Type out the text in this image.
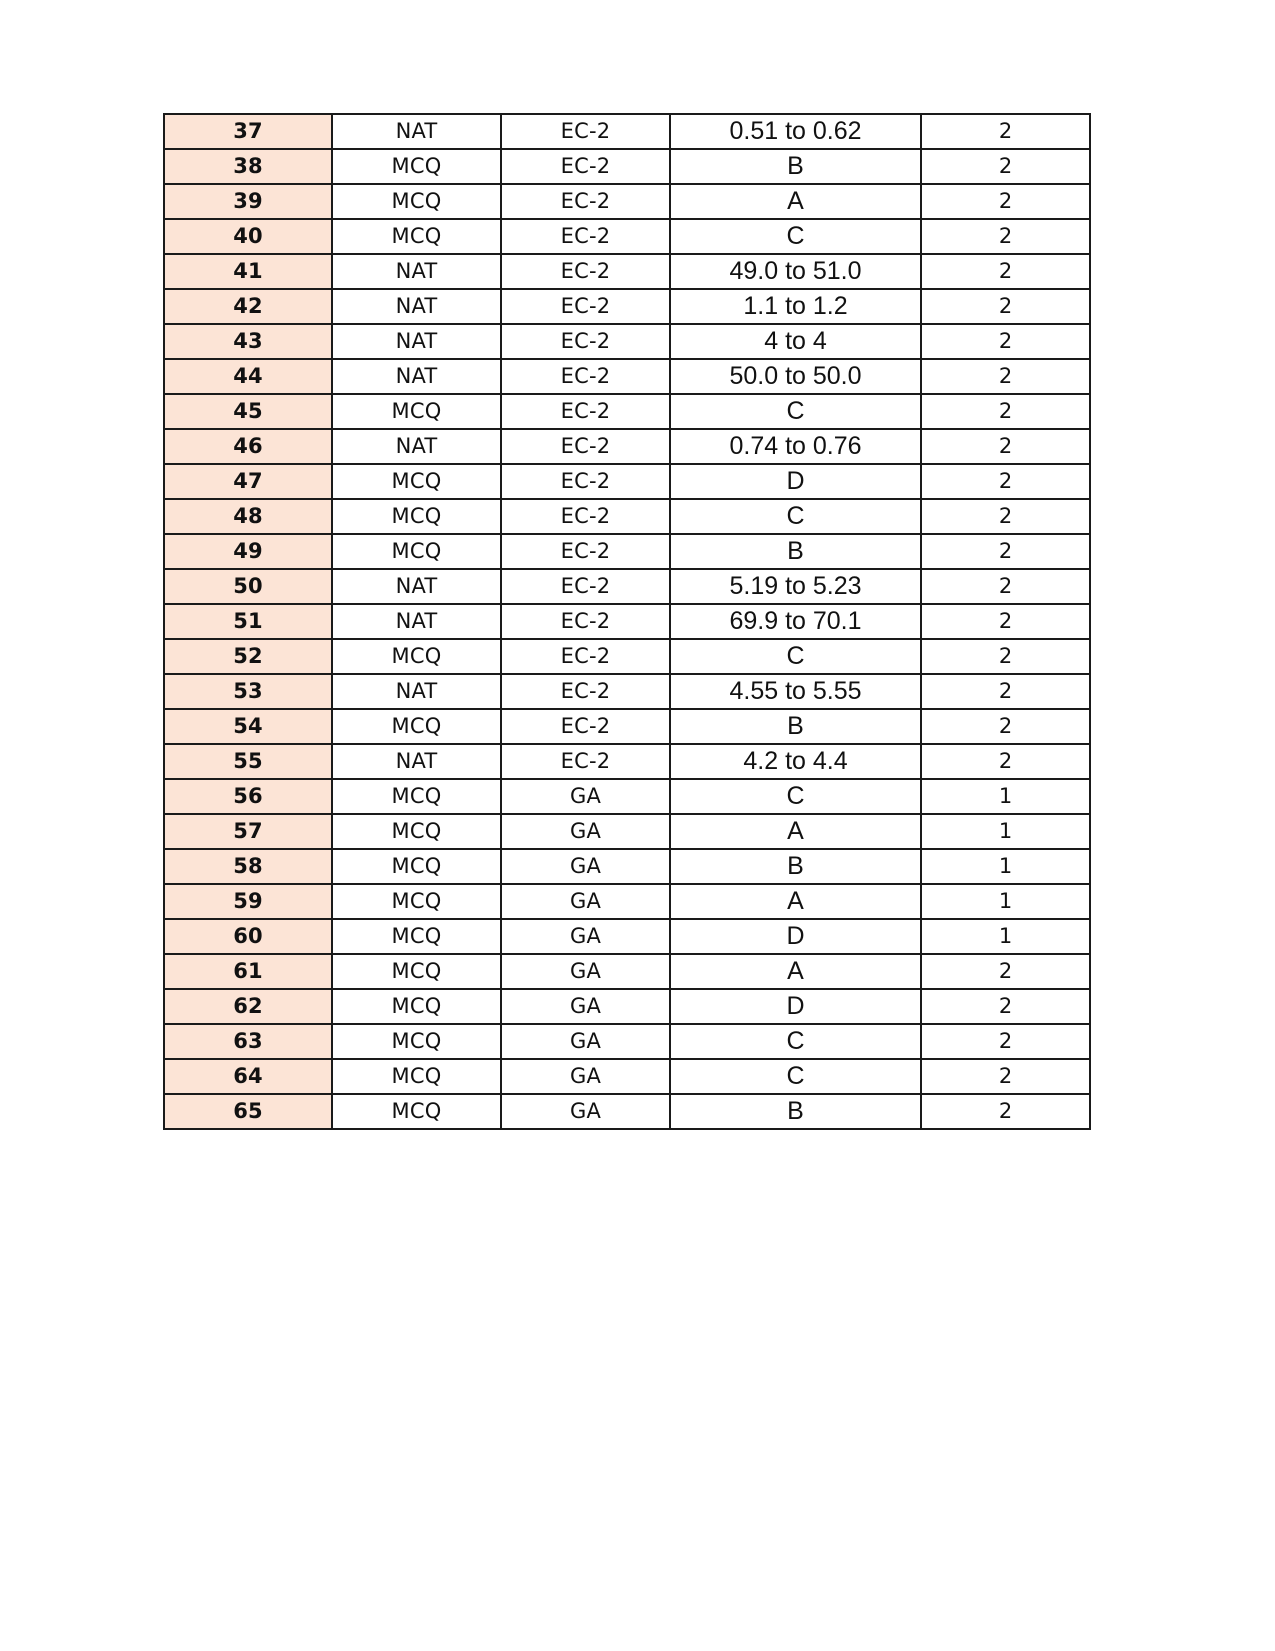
37	NAT	EC-2	0.51 to 0.62	2
38	MCQ	EC-2	B	2
39	MCQ	EC-2	A	2
40	MCQ	EC-2	C	2
41	NAT	EC-2	49.0 to 51.0	2
42	NAT	EC-2	1.1 to 1.2	2
43	NAT	EC-2	4 to 4	2
44	NAT	EC-2	50.0 to 50.0	2
45	MCQ	EC-2	C	2
46	NAT	EC-2	0.74 to 0.76	2
47	MCQ	EC-2	D	2
48	MCQ	EC-2	C	2
49	MCQ	EC-2	B	2
50	NAT	EC-2	5.19 to 5.23	2
51	NAT	EC-2	69.9 to 70.1	2
52	MCQ	EC-2	C	2
53	NAT	EC-2	4.55 to 5.55	2
54	MCQ	EC-2	B	2
55	NAT	EC-2	4.2 to 4.4	2
56	MCQ	GA	C	1
57	MCQ	GA	A	1
58	MCQ	GA	B	1
59	MCQ	GA	A	1
60	MCQ	GA	D	1
61	MCQ	GA	A	2
62	MCQ	GA	D	2
63	MCQ	GA	C	2
64	MCQ	GA	C	2
65	MCQ	GA	B	2
